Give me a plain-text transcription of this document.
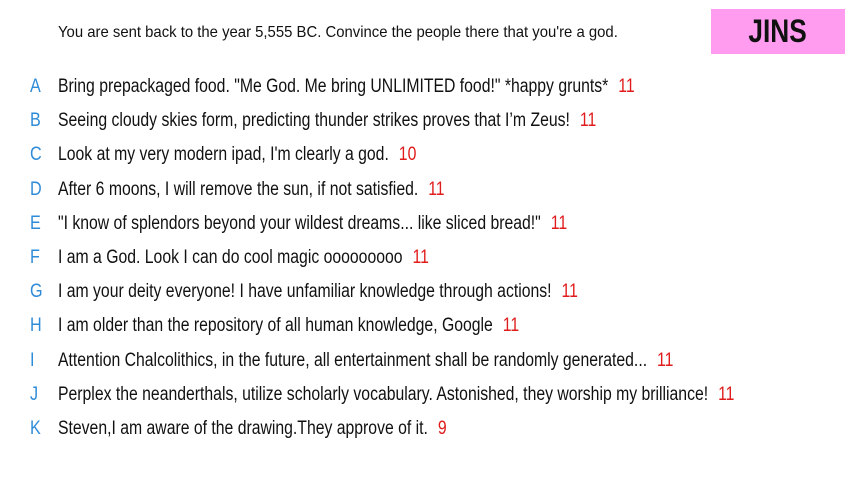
You are sent back to the year 5,555 BC. Convince the people there that you're a god.	JINS
A Bring prepackaged food. "Me God. Me bring UNLIMITED food!" *happy grunts* 11
B Seeing cloudy skies form, predicting thunder strikes proves that I’m Zeus! 11
C Look at my very modern ipad, I'm clearly a god. 10
D After 6 moons, I will remove the sun, if not satisfied. 11
E "I know of splendors beyond your wildest dreams... like sliced bread!" 11
F I am a God. Look I can do cool magic ooooooooo 11
G I am your deity everyone! I have unfamiliar knowledge through actions! 11
H I am older than the repository of all human knowledge, Google 11
I	Attention Chalcolithics, in the future, all entertainment shall be randomly generated... 11
J	Perplex the neanderthals, utilize scholarly vocabulary. Astonished, they worship my brilliance! 11
K Steven,I am aware of the drawing.They approve of it. 9
